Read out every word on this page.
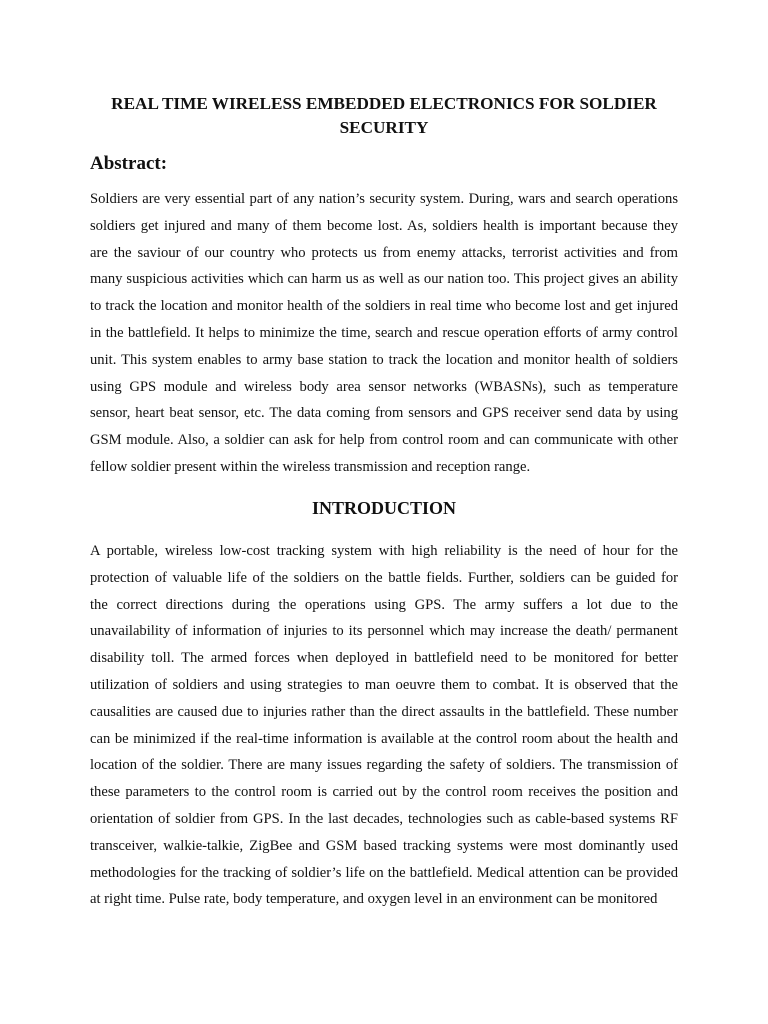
REAL TIME WIRELESS EMBEDDED ELECTRONICS FOR SOLDIER
SECURITY
Abstract:
Soldiers are very essential part of any nation’s security system. During, wars and search operations
soldiers get injured and many of them become lost. As, soldiers health is important because they
are the saviour of our country who protects us from enemy attacks, terrorist activities and from
many suspicious activities which can harm us as well as our nation too. This project gives an ability
to track the location and monitor health of the soldiers in real time who become lost and get injured
in the battlefield. It helps to minimize the time, search and rescue operation efforts of army control
unit. This system enables to army base station to track the location and monitor health of soldiers
using GPS module and wireless body area sensor networks (WBASNs), such as temperature
sensor, heart beat sensor, etc. The data coming from sensors and GPS receiver send data by using
GSM module. Also, a soldier can ask for help from control room and can communicate with other
fellow soldier present within the wireless transmission and reception range.
INTRODUCTION
A portable, wireless low-cost tracking system with high reliability is the need of hour for the
protection of valuable life of the soldiers on the battle fields. Further, soldiers can be guided for
the correct directions during the operations using GPS. The army suffers a lot due to the
unavailability of information of injuries to its personnel which may increase the death/ permanent
disability toll. The armed forces when deployed in battlefield need to be monitored for better
utilization of soldiers and using strategies to man oeuvre them to combat. It is observed that the
causalities are caused due to injuries rather than the direct assaults in the battlefield. These number
can be minimized if the real-time information is available at the control room about the health and
location of the soldier. There are many issues regarding the safety of soldiers. The transmission of
these parameters to the control room is carried out by the control room receives the position and
orientation of soldier from GPS. In the last decades, technologies such as cable-based systems RF
transceiver, walkie-talkie, ZigBee and GSM based tracking systems were most dominantly used
methodologies for the tracking of soldier’s life on the battlefield. Medical attention can be provided
at right time. Pulse rate, body temperature, and oxygen level in an environment can be monitored
